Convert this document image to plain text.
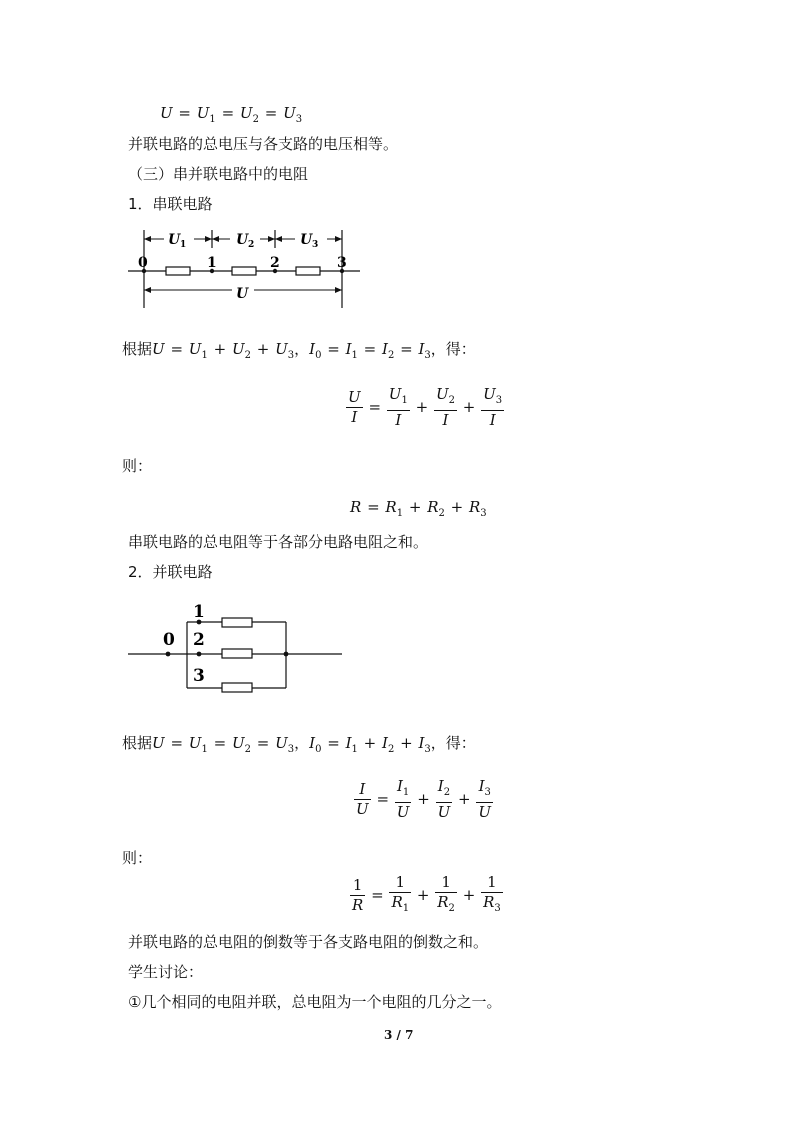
$U = U_1 = U_2 = U_3$
并联电路的总电压与各支路的电压相等。
（三）串并联电路中的电阻
1．串联电路
U 1	U 2	U 3
0	1	2	3
U
根据$U = U_1 + U_2 + U_3$，$I_0 = I_1 = I_2 = I_3$，得：
$\frac{U}{I} = \frac{U_1}{I} + \frac{U_2}{I} + \frac{U_3}{I}$
则：
$R = R_1 + R_2 + R_3$
串联电路的总电阻等于各部分电路电阻之和。
2．并联电路
0
1
2
3
根据$U = U_1 = U_2 = U_3$，$I_0 = I_1 + I_2 + I_3$，得：
$\frac{I}{U} = \frac{I_1}{U} + \frac{I_2}{U} + \frac{I_3}{U}$
则：
$\frac{1}{R} = \frac{1}{R_1} + \frac{1}{R_2} + \frac{1}{R_3}$
并联电路的总电阻的倒数等于各支路电阻的倒数之和。
学生讨论：
①几个相同的电阻并联，总电阻为一个电阻的几分之一。
3 / 7
